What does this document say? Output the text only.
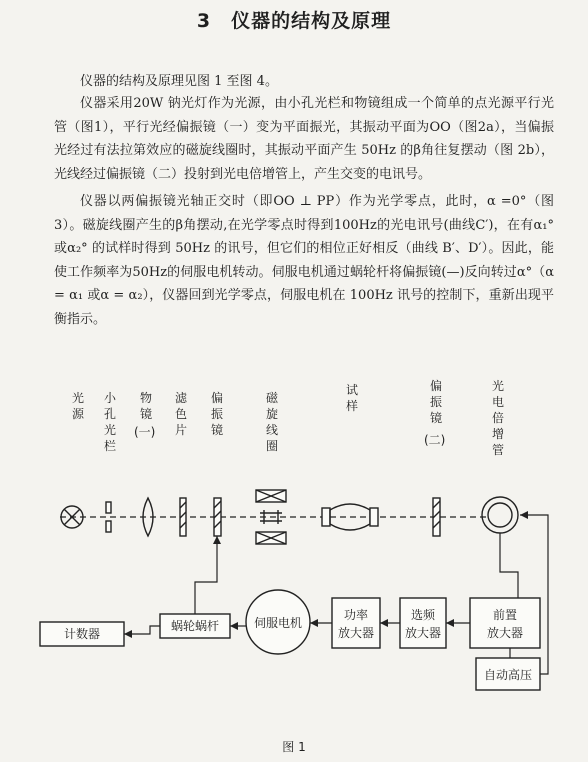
3 仪器的结构及原理

仪器的结构及原理见图 1 至图 4。

仪器采用20W 钠光灯作为光源，由小孔光栏和物镜组成一个简单的点光源平行光管（图1），平行光经偏振镜（一）变为平面振光，其振动平面为OO（图2a），当偏振光经过有法拉第效应的磁旋线圈时，其振动平面产生 50Hz 的β角往复摆动（图 2b），光线经过偏振镜（二）投射到光电倍增管上，产生交变的电讯号。

仪器以两偏振镜光轴正交时（即OO ⊥ PP）作为光学零点，此时，α =0°（图3）。磁旋线圈产生的β角摆动,在光学零点时得到100Hz的光电讯号(曲线C′)，在有α₁° 或α₂° 的试样时得到 50Hz 的讯号，但它们的相位正好相反（曲线 B′、D′）。因此，能使工作频率为50Hz的伺服电机转动。伺服电机通过蜗轮杆将偏振镜(—)反向转过α°（α = α₁ 或α = α₂），仪器回到光学零点，伺服电机在 100Hz 讯号的控制下，重新出现平衡指示。

光
源
小
孔
光
栏
物
镜
(一)
滤
色
片
偏
振
镜
磁
旋
线
圈
试
样
偏
振
镜
(二)
光
电
倍
增
管
前置
放大器
选频
放大器
功率
放大器
伺服电机
蜗轮蜗杆
计数器
自动高压
图 1
